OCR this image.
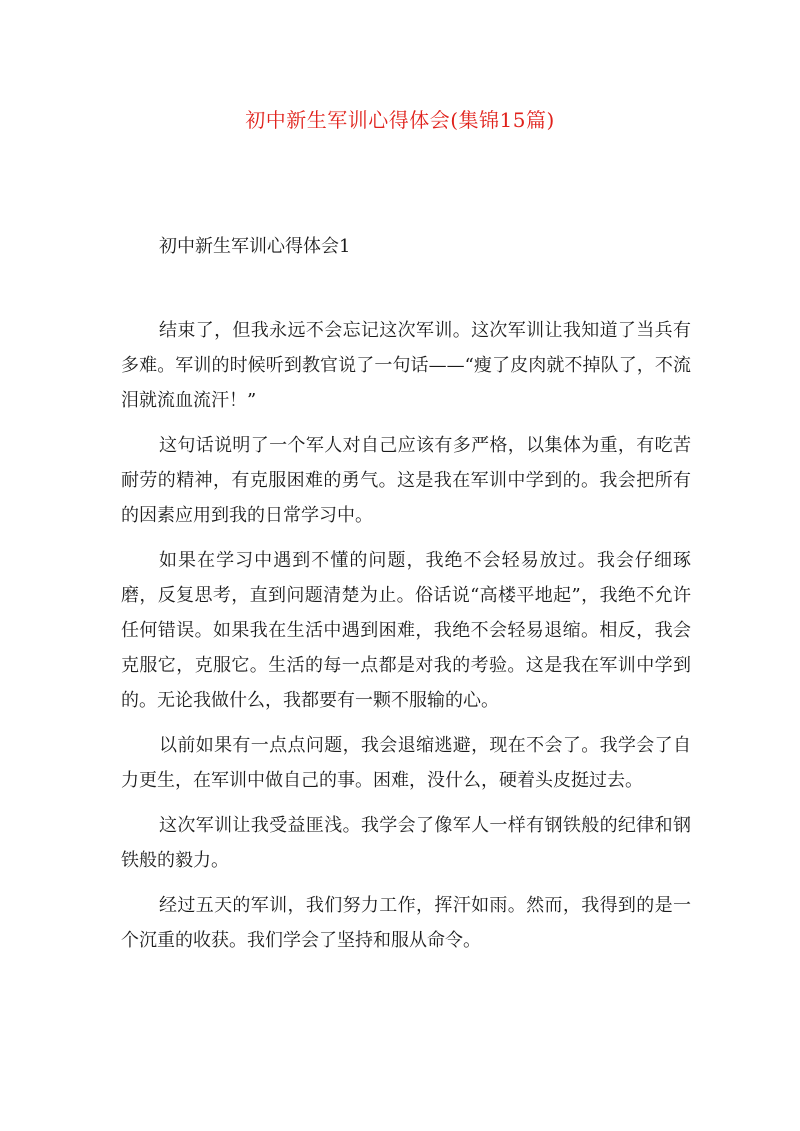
初中新生军训心得体会(集锦15篇)
初中新生军训心得体会1

结束了，但我永远不会忘记这次军训。这次军训让我知道了当兵有多难。军训的时候听到教官说了一句话——“瘦了皮肉就不掉队了，不流泪就流血流汗！”

这句话说明了一个军人对自己应该有多严格，以集体为重，有吃苦耐劳的精神，有克服困难的勇气。这是我在军训中学到的。我会把所有的因素应用到我的日常学习中。

如果在学习中遇到不懂的问题，我绝不会轻易放过。我会仔细琢磨，反复思考，直到问题清楚为止。俗话说“高楼平地起”，我绝不允许任何错误。如果我在生活中遇到困难，我绝不会轻易退缩。相反，我会克服它，克服它。生活的每一点都是对我的考验。这是我在军训中学到的。无论我做什么，我都要有一颗不服输的心。

以前如果有一点点问题，我会退缩逃避，现在不会了。我学会了自力更生，在军训中做自己的事。困难，没什么，硬着头皮挺过去。

这次军训让我受益匪浅。我学会了像军人一样有钢铁般的纪律和钢铁般的毅力。

经过五天的军训，我们努力工作，挥汗如雨。然而，我得到的是一个沉重的收获。我们学会了坚持和服从命令。
